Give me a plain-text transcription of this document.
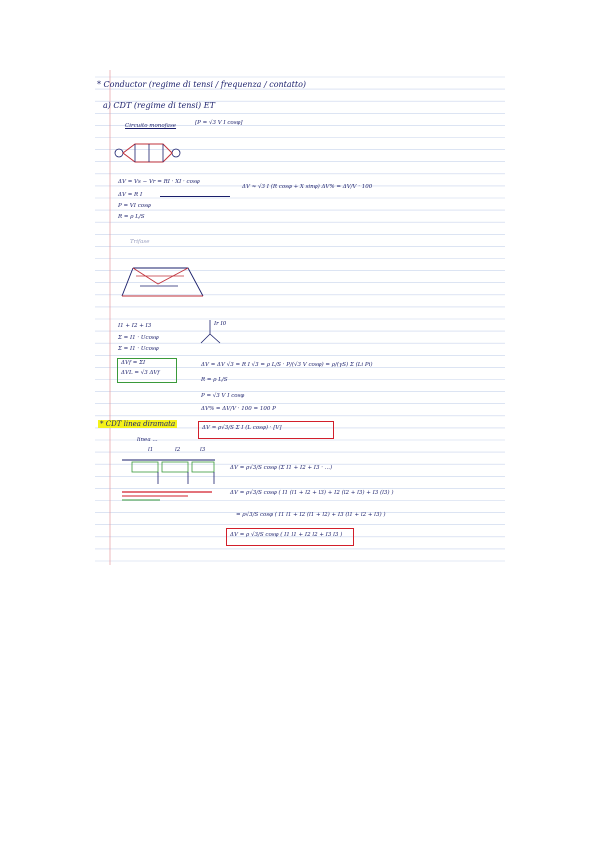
* Conductor (regime di tensi / frequenza / contatto)
a) CDT (regime di tensi) ET
Circuito monofase	[P = √3 V I cosφ]
ΔV = Vs − Vr = RI · XI · cosφ
ΔV = R I
P = VI cosφ
R = ρ L/S
ΔV ≈ √3 I (R cosφ + X sinφ) ΔV% = ΔV/V · 100
Trifase
I1 + I2 + I3
Σ = I1 · Ucosφ
Σ = I1 · Ucosφ
ΔVf = ΣI
ΔVL = √3 ΔVf
Ir I0
ΔV = ΔV √3 = R I √3 = ρ L/S · P/(√3 V cosφ) = ρ/(γS) Σ (Li Pi)
R = ρ L/S
P = √3 V I cosφ
ΔV% = ΔV/V · 100 = 100 P
ΔV = ρ√3/S Σ I (L cosφ) · [V]
* CDT linea diramata
linea ...
l1	l2	l3
ΔV = ρ√3/S cosφ (Σ I1 + I2 + I3 · ...)
ΔV = ρ√3/S cosφ ( I1 (l1 + l2 + l3) + I2 (l2 + l3) + I3 (l3) )
= ρ√3/S cosφ ( I1 l1 + I2 (l1 + l2) + I3 (l1 + l2 + l3) )
ΔV = ρ √3/S cosφ ( I1 l1 + I2 l2 + I3 l3 )
